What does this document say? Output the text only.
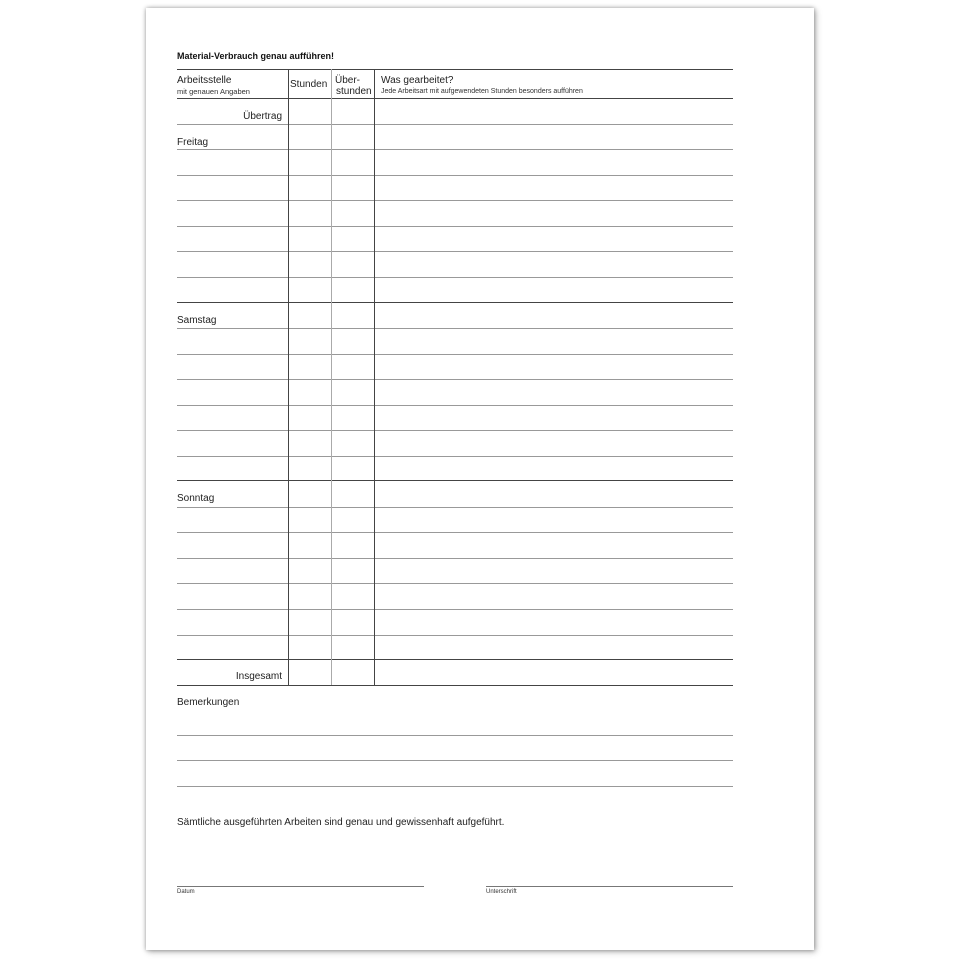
Material-Verbrauch genau aufführen!
Arbeitsstelle
mit genauen Angaben
Stunden Über-
stunden
Was gearbeitet?
Jede Arbeitsart mit aufgewendeten Stunden besonders aufführen
Übertrag
Freitag
Samstag
Sonntag
Insgesamt
Bemerkungen
Sämtliche ausgeführten Arbeiten sind genau und gewissenhaft aufgeführt.
Datum	Unterschrift
